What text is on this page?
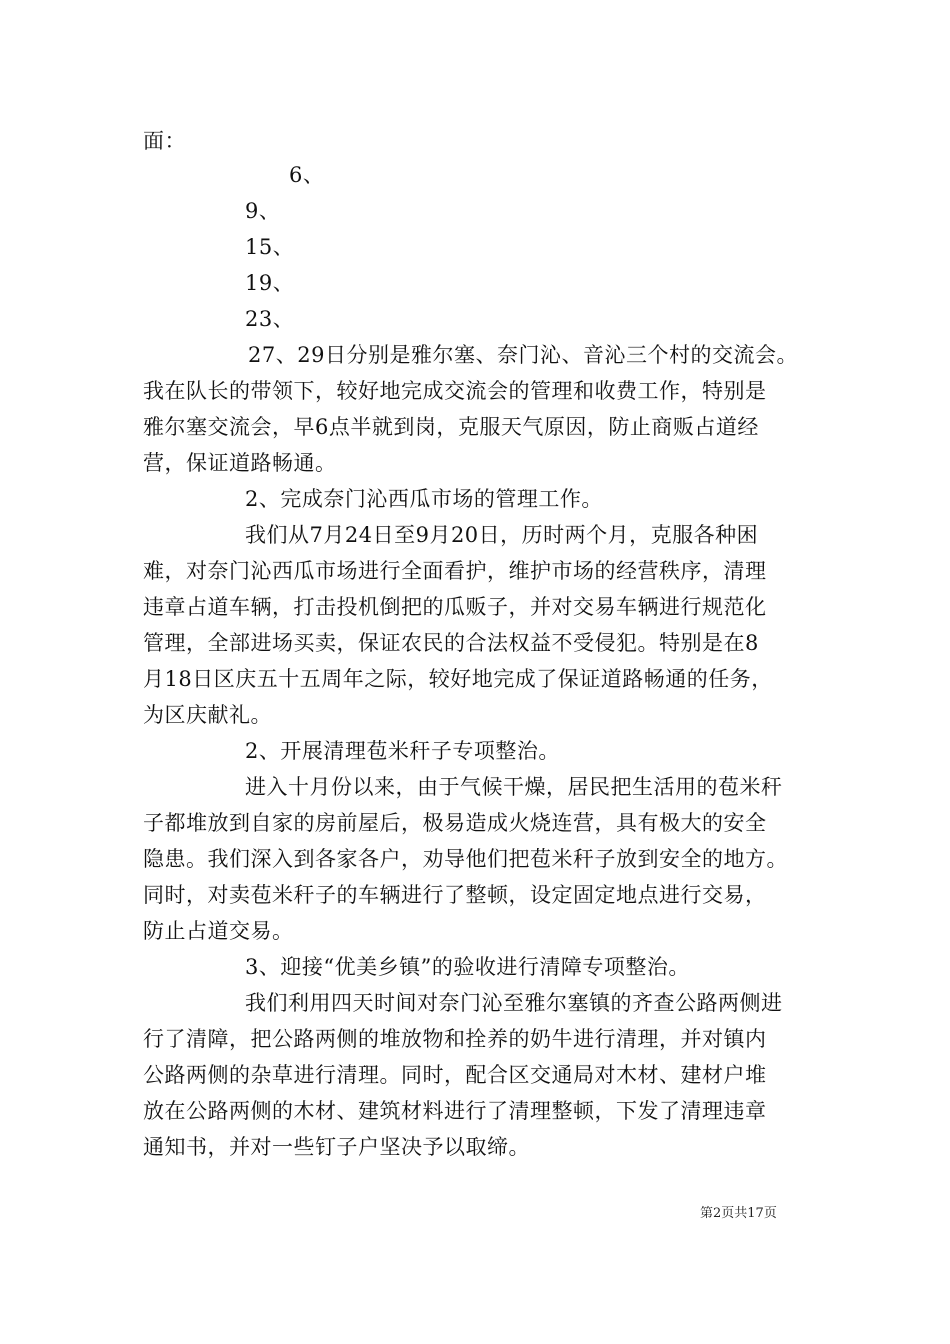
面：
6、
9、
15、
19、
23、
27、29日分别是雅尔塞、奈门沁、音沁三个村的交流会。
我在队长的带领下，较好地完成交流会的管理和收费工作，特别是
雅尔塞交流会，早6点半就到岗，克服天气原因，防止商贩占道经
营，保证道路畅通。
2、完成奈门沁西瓜市场的管理工作。
我们从7月24日至9月20日，历时两个月，克服各种困
难，对奈门沁西瓜市场进行全面看护，维护市场的经营秩序，清理
违章占道车辆，打击投机倒把的瓜贩子，并对交易车辆进行规范化
管理，全部进场买卖，保证农民的合法权益不受侵犯。特别是在8
月18日区庆五十五周年之际，较好地完成了保证道路畅通的任务，
为区庆献礼。
2、开展清理苞米秆子专项整治。
进入十月份以来，由于气候干燥，居民把生活用的苞米秆
子都堆放到自家的房前屋后，极易造成火烧连营，具有极大的安全
隐患。我们深入到各家各户，劝导他们把苞米秆子放到安全的地方。
同时，对卖苞米秆子的车辆进行了整顿，设定固定地点进行交易，
防止占道交易。
3、迎接“优美乡镇”的验收进行清障专项整治。
我们利用四天时间对奈门沁至雅尔塞镇的齐查公路两侧进
行了清障，把公路两侧的堆放物和拴养的奶牛进行清理，并对镇内
公路两侧的杂草进行清理。同时，配合区交通局对木材、建材户堆
放在公路两侧的木材、建筑材料进行了清理整顿，下发了清理违章
通知书，并对一些钉子户坚决予以取缔。
第2页共17页
